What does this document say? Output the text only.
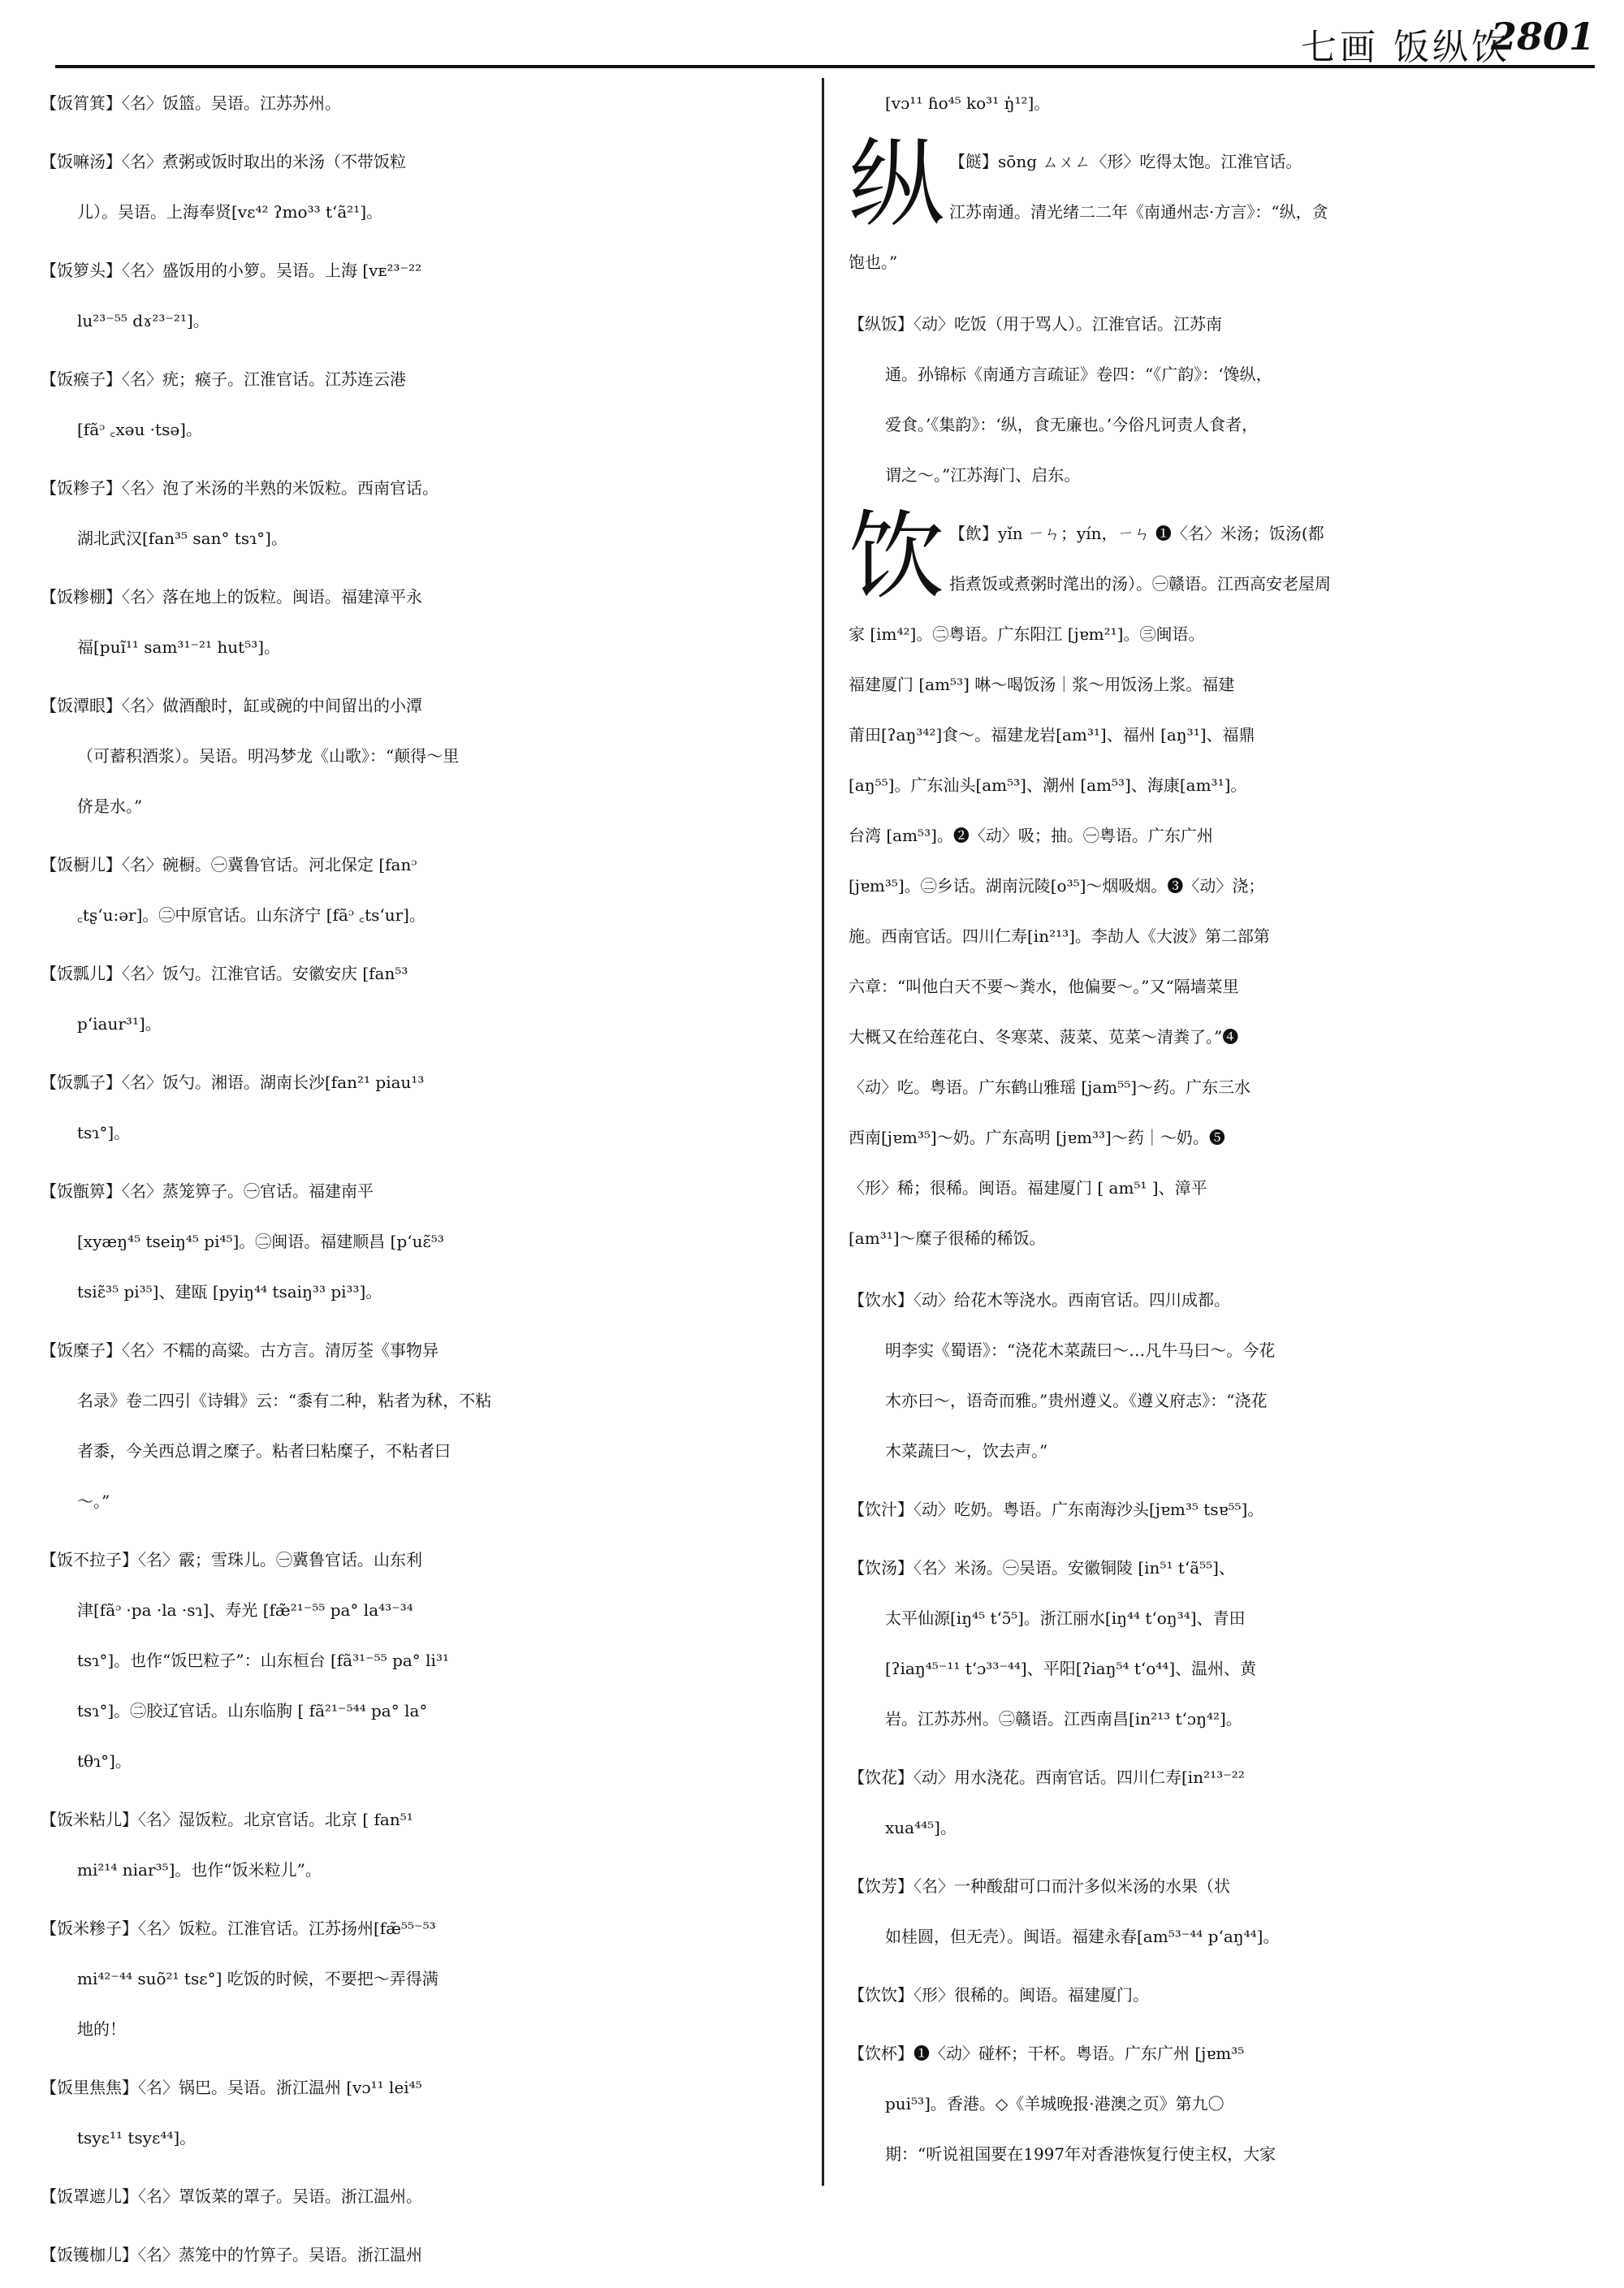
七画 饭纵饮
2801
【饭筲箕】〈名〉饭篮。吴语。江苏苏州。
【饭嘛汤】〈名〉煮粥或饭时取出的米汤（不带饭粒
儿）。吴语。上海奉贤[vɛ⁴² ʔmo³³ tʻã²¹]。
【饭箩头】〈名〉盛饭用的小箩。吴语。上海 [vᴇ²³⁻²²
lu²³⁻⁵⁵ dɤ²³⁻²¹]。
【饭瘊子】〈名〉疣；瘊子。江淮官话。江苏连云港
[fãᵓ ꜀xəu ·tsə]。
【饭糁子】〈名〉泡了米汤的半熟的米饭粒。西南官话。
湖北武汉[fan³⁵ san° tsɿ°]。
【饭糁棚】〈名〉落在地上的饭粒。闽语。福建漳平永
福[puĩ¹¹ sam³¹⁻²¹ hut⁵³]。
【饭潭眼】〈名〉做酒酿时，缸或碗的中间留出的小潭
（可蓄积酒浆）。吴语。明冯梦龙《山歌》：“颠得～里
侪是水。”
【饭橱儿】〈名〉碗橱。㊀冀鲁官话。河北保定 [fanᵓ
꜀tʂʻu:ər]。㊁中原官话。山东济宁 [fãᵓ ꜀tsʻur]。
【饭瓢儿】〈名〉饭勺。江淮官话。安徽安庆 [fan⁵³
pʻiaur³¹]。
【饭瓢子】〈名〉饭勺。湘语。湖南长沙[fan²¹ piau¹³
tsɿ°]。
【饭甑箅】〈名〉蒸笼箅子。㊀官话。福建南平
[xyæŋ⁴⁵ tseiŋ⁴⁵ pi⁴⁵]。㊁闽语。福建顺昌 [pʻuɛ̃⁵³
tsiɛ̃³⁵ pi³⁵]、建瓯 [pyiŋ⁴⁴ tsaiŋ³³ pi³³]。
【饭糜子】〈名〉不糯的高粱。古方言。清厉荃《事物异
名录》卷二四引《诗辑》云：“黍有二种，粘者为秫，不粘
者黍，今关西总谓之糜子。粘者曰粘糜子，不粘者曰
～。”
【饭不拉子】〈名〉霰；雪珠儿。㊀冀鲁官话。山东利
津[fãᵓ ·pa ·la ·sɿ]、寿光 [fæ̃²¹⁻⁵⁵ pa° la⁴³⁻³⁴
tsɿ°]。也作“饭巴粒子”：山东桓台 [fã³¹⁻⁵⁵ pa° li³¹
tsɿ°]。㊁胶辽官话。山东临朐 [ fã²¹⁻⁵⁴⁴ pa° la°
tθɿ°]。
【饭米粘儿】〈名〉湿饭粒。北京官话。北京 [ fan⁵¹
mi²¹⁴ niar³⁵]。也作“饭米粒儿”。
【饭米糁子】〈名〉饭粒。江淮官话。江苏扬州[fæ̃⁵⁵⁻⁵³
mi⁴²⁻⁴⁴ suõ²¹ tsɛ°] 吃饭的时候，不要把～弄得满
地的！
【饭里焦焦】〈名〉锅巴。吴语。浙江温州 [vɔ¹¹ lei⁴⁵
tsyɛ¹¹ tsyɛ⁴⁴]。
【饭罩遮儿】〈名〉罩饭菜的罩子。吴语。浙江温州。
【饭镬枷儿】〈名〉蒸笼中的竹箅子。吴语。浙江温州
[vɔ¹¹ ɦo⁴⁵ ko³¹ ŋ̍¹²]。
纵 【餸】sōng ㄙㄨㄥ〈形〉吃得太饱。江淮官话。
江苏南通。清光绪二二年《南通州志·方言》：“纵，贪
饱也。”
【纵饭】〈动〉吃饭（用于骂人）。江淮官话。江苏南
通。孙锦标《南通方言疏证》卷四：“《广韵》：‘馋纵，
爱食。’《集韵》：‘纵，食无廉也。’今俗凡诃责人食者，
谓之～。”江苏海门、启东。
饮 【飲】yǐn ㄧㄣ；yín，ㄧㄣ ❶〈名〉米汤；饭汤(都
指煮饭或煮粥时滗出的汤）。㊀赣语。江西高安老屋周
家 [im⁴²]。㊁粤语。广东阳江 [jɐm²¹]。㊂闽语。
福建厦门 [am⁵³] 啉～喝饭汤｜浆～用饭汤上浆。福建
莆田[ʔaŋ³⁴²]食～。福建龙岩[am³¹]、福州 [aŋ³¹]、福鼎
[aŋ⁵⁵]。广东汕头[am⁵³]、潮州 [am⁵³]、海康[am³¹]。
台湾 [am⁵³]。❷〈动〉吸；抽。㊀粤语。广东广州
[jɐm³⁵]。㊁乡话。湖南沅陵[o³⁵]～烟吸烟。❸〈动〉浇；
施。西南官话。四川仁寿[in²¹³]。李劼人《大波》第二部第
六章：“叫他白天不要～粪水，他偏要～。”又“隔墙菜里
大概又在给莲花白、冬寒菜、菠菜、苋菜～清粪了。”❹
〈动〉吃。粤语。广东鹤山雅瑶 [jam⁵⁵]～药。广东三水
西南[jɐm³⁵]～奶。广东高明 [jɐm³³]～药｜～奶。❺
〈形〉稀；很稀。闽语。福建厦门 [ am⁵¹ ]、漳平
[am³¹]～糜子很稀的稀饭。
【饮水】〈动〉给花木等浇水。西南官话。四川成都。
明李实《蜀语》：“浇花木菜蔬曰～…凡牛马曰～。今花
木亦曰～，语奇而雅。”贵州遵义。《遵义府志》：“浇花
木菜蔬曰～，饮去声。”
【饮汁】〈动〉吃奶。粤语。广东南海沙头[jɐm³⁵ tsɐ⁵⁵]。
【饮汤】〈名〉米汤。㊀吴语。安徽铜陵 [in⁵¹ tʻã⁵⁵]、
太平仙源[iŋ⁴⁵ tʻɔ̃⁵]。浙江丽水[iŋ⁴⁴ tʻoŋ³⁴]、青田
[ʔiaŋ⁴⁵⁻¹¹ tʻɔ³³⁻⁴⁴]、平阳[ʔiaŋ⁵⁴ tʻo⁴⁴]、温州、黄
岩。江苏苏州。㊁赣语。江西南昌[in²¹³ tʻɔŋ⁴²]。
【饮花】〈动〉用水浇花。西南官话。四川仁寿[in²¹³⁻²²
xua⁴⁴⁵]。
【饮芳】〈名〉一种酸甜可口而汁多似米汤的水果（状
如桂圆，但无壳）。闽语。福建永春[am⁵³⁻⁴⁴ pʻaŋ⁴⁴]。
【饮饮】〈形〉很稀的。闽语。福建厦门。
【饮杯】❶〈动〉碰杯；干杯。粤语。广东广州 [jɐm³⁵
pui⁵³]。香港。◇《羊城晚报·港澳之页》第九〇
期：“听说祖国要在1997年对香港恢复行使主权，大家
